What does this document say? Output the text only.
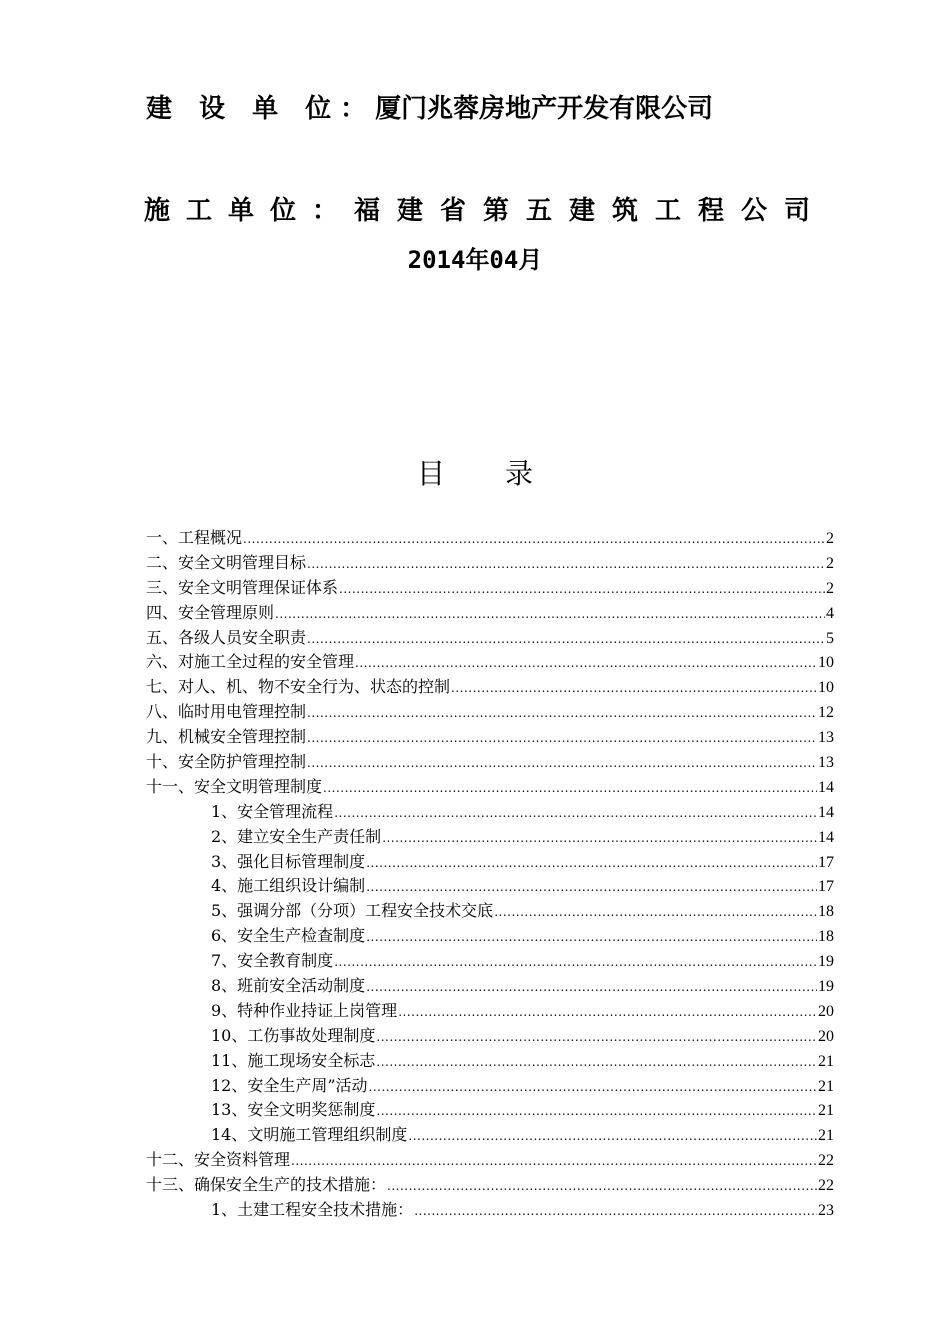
建 设 单 位：厦门兆蓉房地产开发有限公司
施工单位：福建省第五建筑工程公司
2014年04月
目录
一、工程概况 .....	2
二、安全文明管理目标 .....	2
三、安全文明管理保证体系 .....	2
四、安全管理原则 .....	4
五、各级人员安全职责 .....	5
六、对施工全过程的安全管理 .....	10
七、对人、机、物不安全行为、状态的控制 .....	10
八、临时用电管理控制 .....	12
九、机械安全管理控制 .....	13
十、安全防护管理控制 .....	13
十一、安全文明管理制度 .....	14
1、安全管理流程 .....	14
2、建立安全生产责任制 .....	14
3、强化目标管理制度 .....	17
4、施工组织设计编制 .....	17
5、强调分部（分项）工程安全技术交底 .....	18
6、安全生产检查制度 .....	18
7、安全教育制度 .....	19
8、班前安全活动制度 .....	19
9、特种作业持证上岗管理 .....	20
10、工伤事故处理制度 .....	20
11、施工现场安全标志 .....	21
12、安全生产周”活动 .....	21
13、安全文明奖惩制度 .....	21
14、文明施工管理组织制度 .....	21
十二、安全资料管理 .....	22
十三、确保安全生产的技术措施： .....	22
1、土建工程安全技术措施： .....	23
